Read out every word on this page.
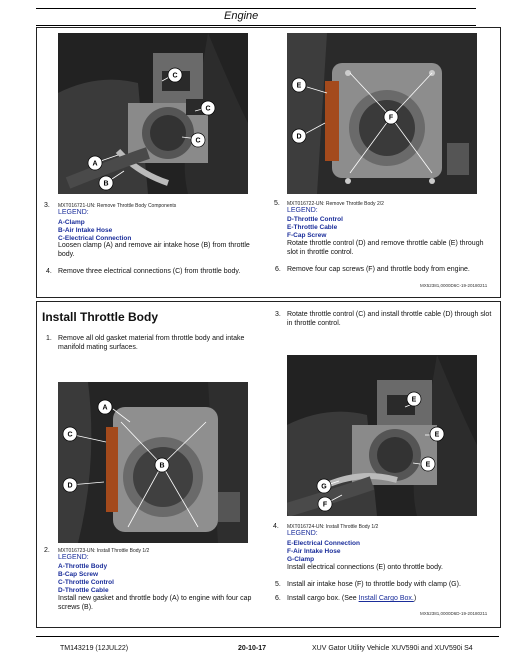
Engine
C
C
C
A
B
E
F
D
3. MXT016721-UN: Remove Throttle Body Components
LEGEND:
A-Clamp
B-Air Intake Hose
C-Electrical Connection
Loosen clamp (A) and remove air intake hose (B) from throttle body.
4. Remove three electrical connections (C) from throttle body.
5. MXT016722-UN: Remove Throttle Body 2/2
LEGEND:
D-Throttle Control
E-Throttle Cable
F-Cap Screw
Rotate throttle control (D) and remove throttle cable (E) through slot in throttle control.
6. Remove four cap screws (F) and throttle body from engine.
MX52381,0000D6C-19-20180211
Install Throttle Body
1. Remove all old gasket material from throttle body and intake manifold mating surfaces.
3. Rotate throttle control (C) and install throttle cable (D) through slot in throttle control.
A
C
B
D
E
E
E
G
F
2. MXT016723-UN: Install Throttle Body 1/2
LEGEND:
A-Throttle Body
B-Cap Screw
C-Throttle Control
D-Throttle Cable
Install new gasket and throttle body (A) to engine with four cap screws (B).
4. MXT016724-UN: Install Throttle Body 1/2
LEGEND:
E-Electrical Connection
F-Air Intake Hose
G-Clamp
Install electrical connections (E) onto throttle body.
5. Install air intake hose (F) to throttle body with clamp (G).
6. Install cargo box. (See Install Cargo Box.)
MX52381,0000D6D-19-20180211
TM143219 (12JUL22)	20-10-17	XUV Gator Utility Vehicle XUV590i and XUV590i S4
